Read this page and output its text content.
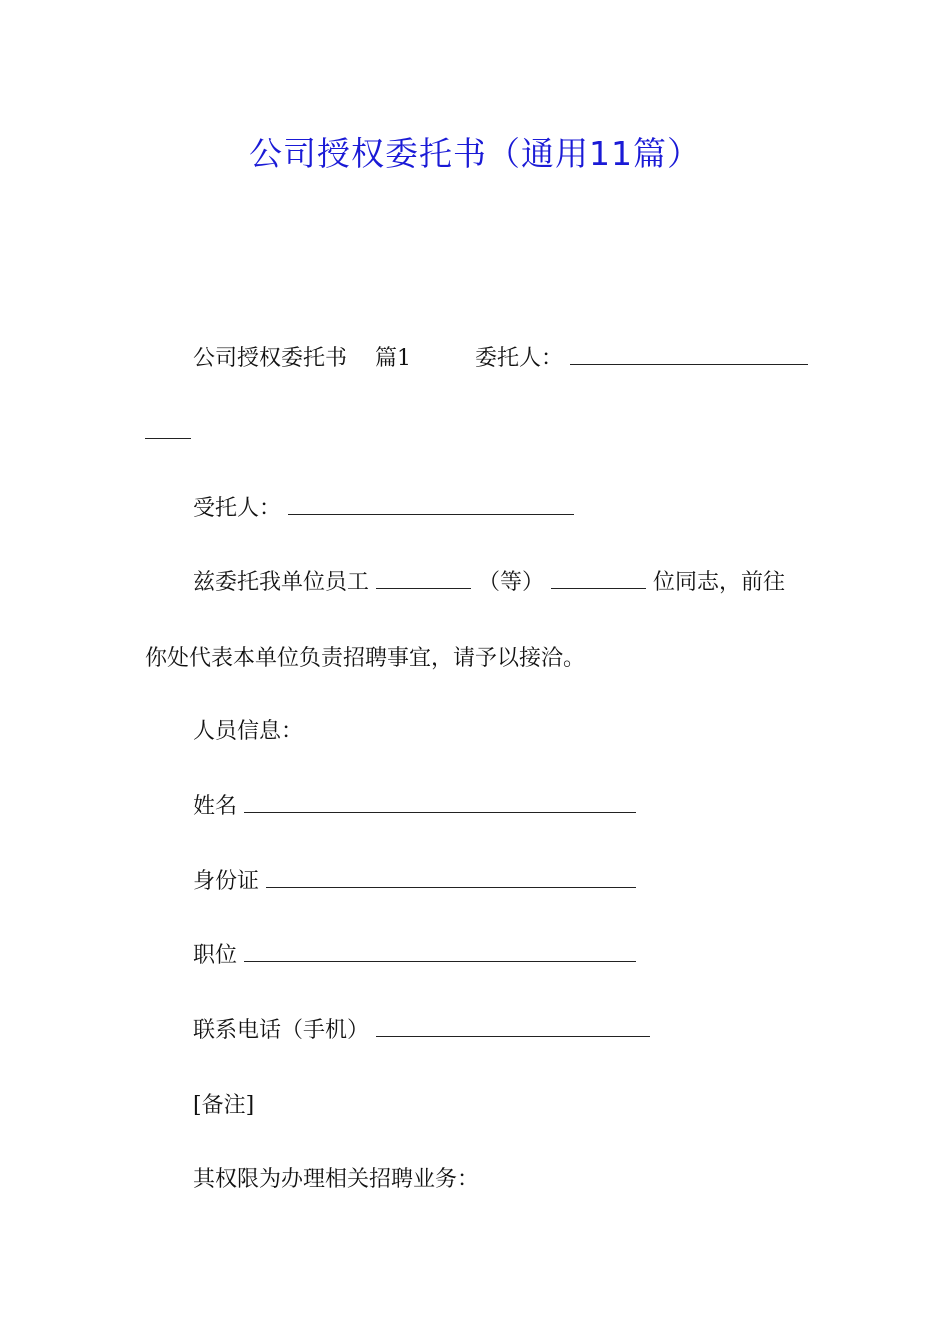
公司授权委托书（通用11篇）
公司授权委托书 篇1	委托人：
受托人：
兹委托我单位员工	（等）	位同志，前往
你处代表本单位负责招聘事宜，请予以接洽。
人员信息：
姓名
身份证
职位
联系电话（手机）
[备注]
其权限为办理相关招聘业务：
